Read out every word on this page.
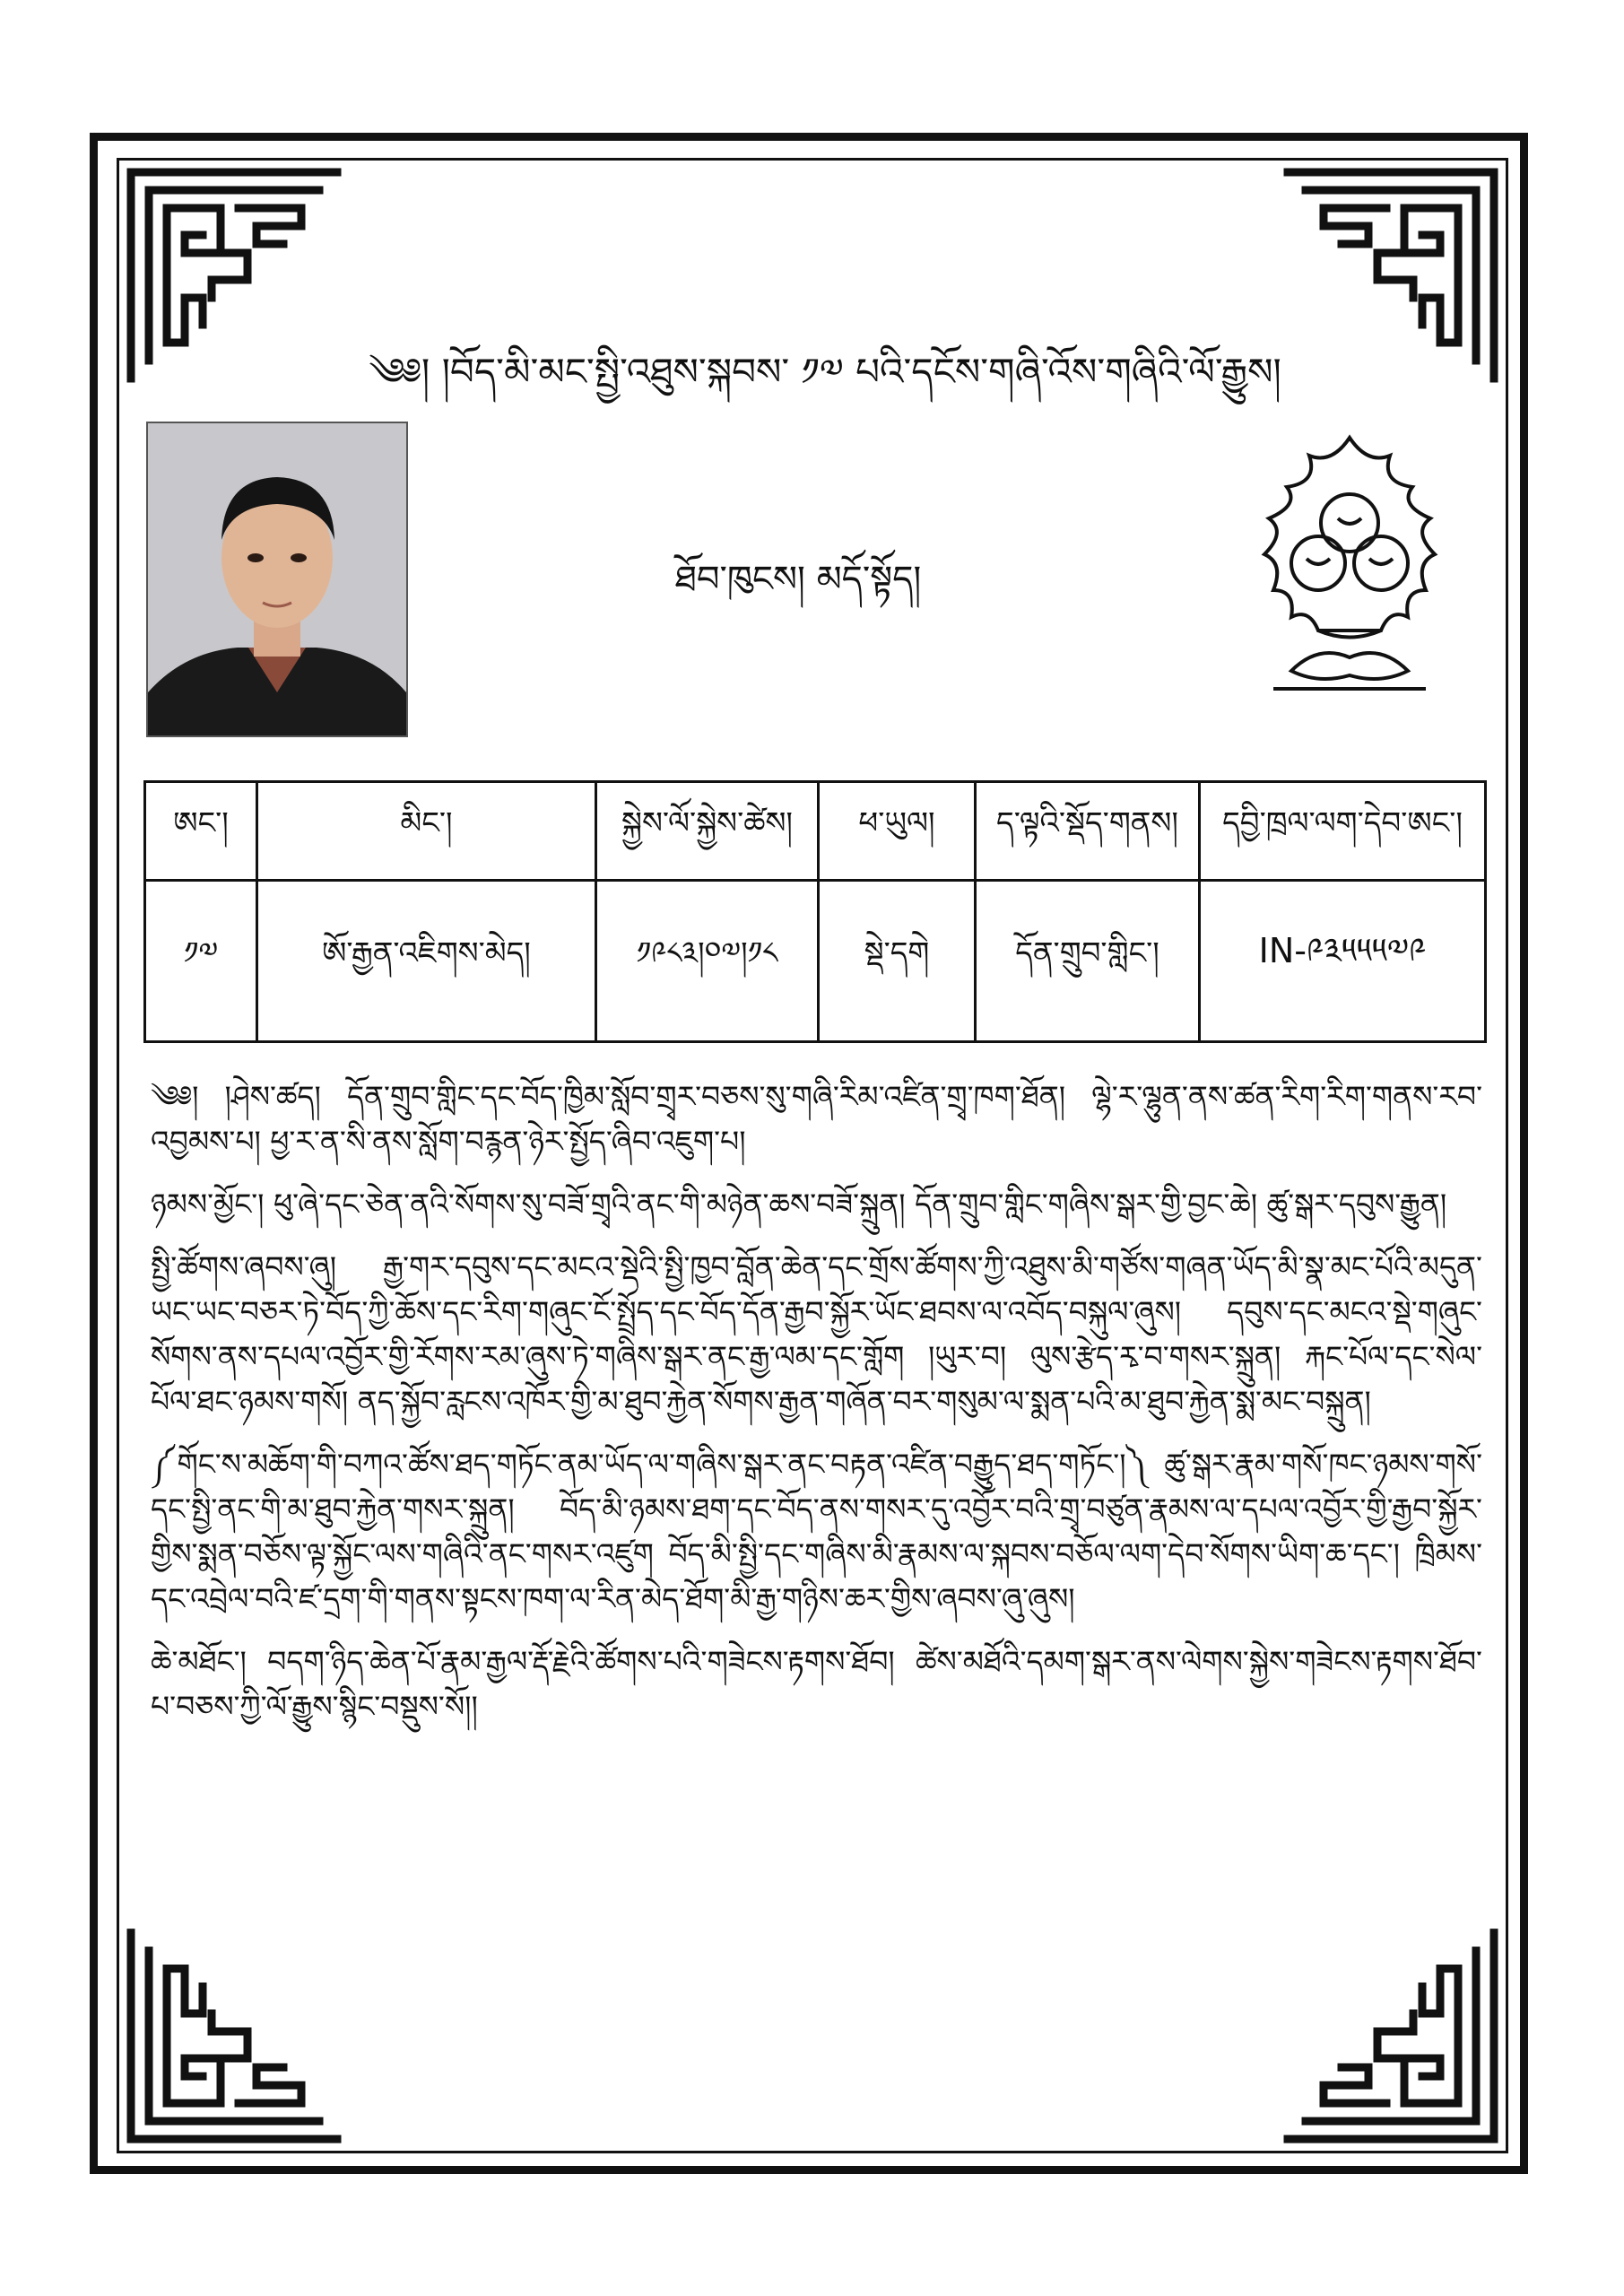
༄༅། །བོད་མི་མང་སྤྱི་འཐུས་སྐབས་ ༡༧ པའི་དངོས་གཞི་འོས་གཞིའི་ལོ་རྒྱུས།
ཐོབ་ཁུངས། མདོ་སྟོད།
ཨང་།	མིང་།	སྐྱེས་ལོ་སྐྱེས་ཚེས།	ཕ་ཡུལ།	ད་ལྟའི་སྡོད་གནས།	དབྱི་ཁྲལ་ལག་དེབ་ཨང་།
༡༧	ཨོ་རྒྱན་འཇིགས་མེད།	༡༩༨༣།༠༧།༡༨	སྡེ་དགེ	དོན་གྲུབ་གླིང་།	IN-༩༣༥༥༥༧༩

༄༅། །ཤེས་ཚད། དོན་གྲུབ་གླིང་དང་བོད་ཁྱིམ་སློབ་གྲྭར་བཅས་སུ་གཞི་རིམ་འཛིན་གྲྭ་ཁག་ཐོན། ལྷེ་ར་ལྷུན་ནས་ཚན་རིག་རིག་གནས་རབ་འབྱམས་པ། ཕྱ་ར་ན་སི་ནས་སློག་བརྙན་ཉེར་སྤྱོད་ཞིབ་འཇུག་པ།

ཉམས་མྱོང་། ཕུ་ཞེ་དང་ཅེན་ནའི་སོགས་སུ་བཟོ་གྲྭའི་ནང་གི་མཉེན་ཆས་བཟོ་སྐྲུན། དོན་གྲུབ་གླིང་གཞིས་སྒར་གྱི་བྱང་ཆེ། ཚུ་སྒར་དབུས་རྒྱུན།

སྤྱི་ཚོགས་ཞབས་ཞུ། རྒྱ་གར་དབུས་དང་མངའ་སྡེའི་སྤྱི་ཁྱབ་བློན་ཆེན་དང་གྲོས་ཚོགས་ཀྱི་འཐུས་མི་གཙོས་གཞན་ཡོད་མི་སྣ་མང་པོའི་མདུན་ཡང་ཡང་བཅར་ཏེ་བོད་ཀྱི་ཆོས་དང་རིག་གཞུང་ངོ་སྤྲོད་དང་བོད་དོན་རྒྱབ་སྐྱོར་ཡོང་ཐབས་ལ་འབོད་བསྐུལ་ཞུས། དབུས་དང་མངའ་སྡེ་གཞུང་སོགས་ནས་དཔལ་འབྱོར་གྱི་རོགས་རམ་ཞུས་ཏེ་གཞིས་སྒར་ནང་རྒྱ་ལམ་དང་གློག །ཡུར་བ། ལུས་རྩེད་རྭ་བ་གསར་སྐྲུན། རྐང་པོལ་དང་སེལ་པོལ་ཐང་ཉམས་གསོ། ནད་སྐྱོབ་རླངས་འཁོར་གྱི་མ་ཐུབ་རྐྱེན་སོགས་རྒྱན་གཞོན་བར་གསུམ་ལ་སྨན་པའི་མ་ཐུབ་རྐྱེན་སྨ་མང་བསྐྲུན།

༼གོང་ས་མཆོག་གི་བཀའ་ཚོས་ཐད་གཏོང་ནམ་ཡོད་ལ་གཞིས་སྒར་ནང་བརྟན་འཛིན་བརྒྱུད་ཐད་གཏོང་།༽ ཚུ་སྒར་རྣམ་གསོ་ཁང་ཉམས་གསོ་དང་སྤྱི་ནང་གི་མ་ཐུབ་རྐྱེན་གསར་སྐྲུན། བོད་མི་ཉམས་ཐག་དང་བོད་ནས་གསར་དུ་འབྱོར་བའི་གྲྭ་བཙུན་རྣམས་ལ་དཔལ་འབྱོར་གྱི་རྒྱབ་སྐྱོར་གྱིས་སྨན་བཅོས་ལྟ་སྐྱོང་ལས་གཞིའི་ནང་གསར་འཛུག བོད་མི་སྤྱི་དང་གཞིས་མི་རྣམས་ལ་སྐབས་བཅོལ་ལག་དེབ་སོགས་ཡིག་ཆ་དང་། ཁྲིམས་དང་འབྲེལ་བའི་ཛ་དྲག་གི་གནས་སྟངས་ཁག་ལ་རིན་མེད་ཐོག་མི་རྒྱ་གཉིས་ཆར་གྱིས་ཞབས་ཞུ་ཞུས།

ཆེ་མཐོང་། བདག་ཉིད་ཆེན་པོ་རྣམ་རྒྱལ་རྡོ་རྗེའི་ཚོགས་པའི་གཟེངས་རྟགས་ཐོབ། ཚེས་མཐོའི་དམག་སྒར་ནས་ལེགས་སྐྱེས་གཟེངས་རྟགས་ཐོབ་པ་བཅས་ཀྱི་ལོ་རྒྱུས་སྙིང་བསྡུས་སོ།།
